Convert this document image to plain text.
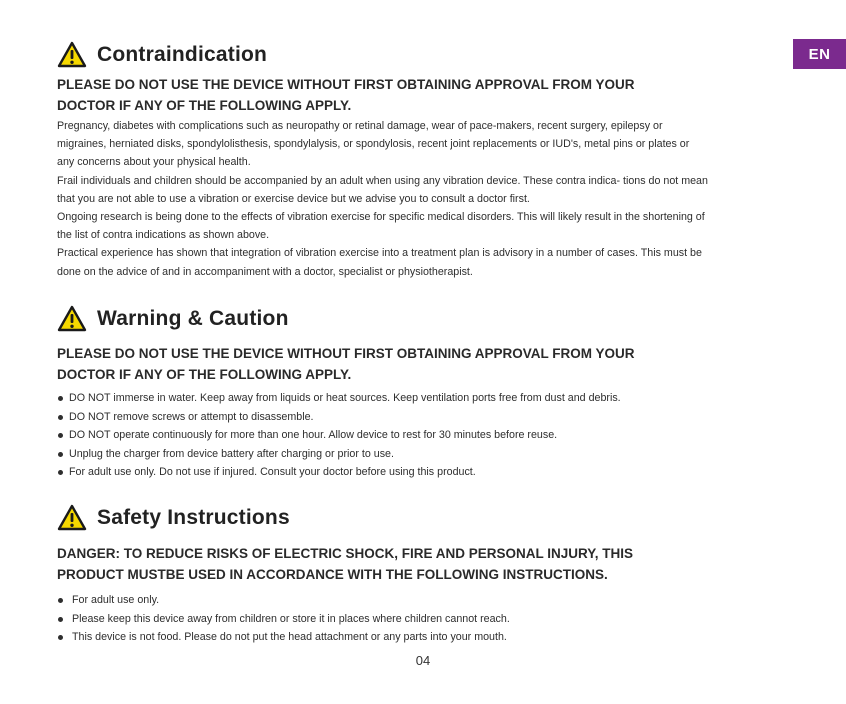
EN
Contraindication
PLEASE DO NOT USE THE DEVICE WITHOUT FIRST OBTAINING APPROVAL FROM YOUR
DOCTOR IF ANY OF THE FOLLOWING APPLY.

Pregnancy, diabetes with complications such as neuropathy or retinal damage, wear of pace-makers, recent surgery, epilepsy or

migraines, herniated disks, spondylolisthesis, spondylalysis, or spondylosis, recent joint replacements or IUD's, metal pins or plates or

any concerns about your physical health.

Frail individuals and children should be accompanied by an adult when using any vibration device. These contra indica- tions do not mean

that you are not able to use a vibration or exercise device but we advise you to consult a doctor first.

Ongoing research is being done to the effects of vibration exercise for specific medical disorders. This will likely result in the shortening of

the list of contra indications as shown above.

Practical experience has shown that integration of vibration exercise into a treatment plan is advisory in a number of cases. This must be

done on the advice of and in accompaniment with a doctor, specialist or physiotherapist.

Warning & Caution
PLEASE DO NOT USE THE DEVICE WITHOUT FIRST OBTAINING APPROVAL FROM YOUR
DOCTOR IF ANY OF THE FOLLOWING APPLY.
DO NOT immerse in water. Keep away from liquids or heat sources. Keep ventilation ports free from dust and debris.
DO NOT remove screws or attempt to disassemble.
DO NOT operate continuously for more than one hour. Allow device to rest for 30 minutes before reuse.
Unplug the charger from device battery after charging or prior to use.
For adult use only. Do not use if injured. Consult your doctor before using this product.
Safety Instructions
DANGER: TO REDUCE RISKS OF ELECTRIC SHOCK, FIRE AND PERSONAL INJURY, THIS
PRODUCT MUSTBE USED IN ACCORDANCE WITH THE FOLLOWING INSTRUCTIONS.
For adult use only.
Please keep this device away from children or store it in places where children cannot reach.
This device is not food. Please do not put the head attachment or any parts into your mouth.
04
